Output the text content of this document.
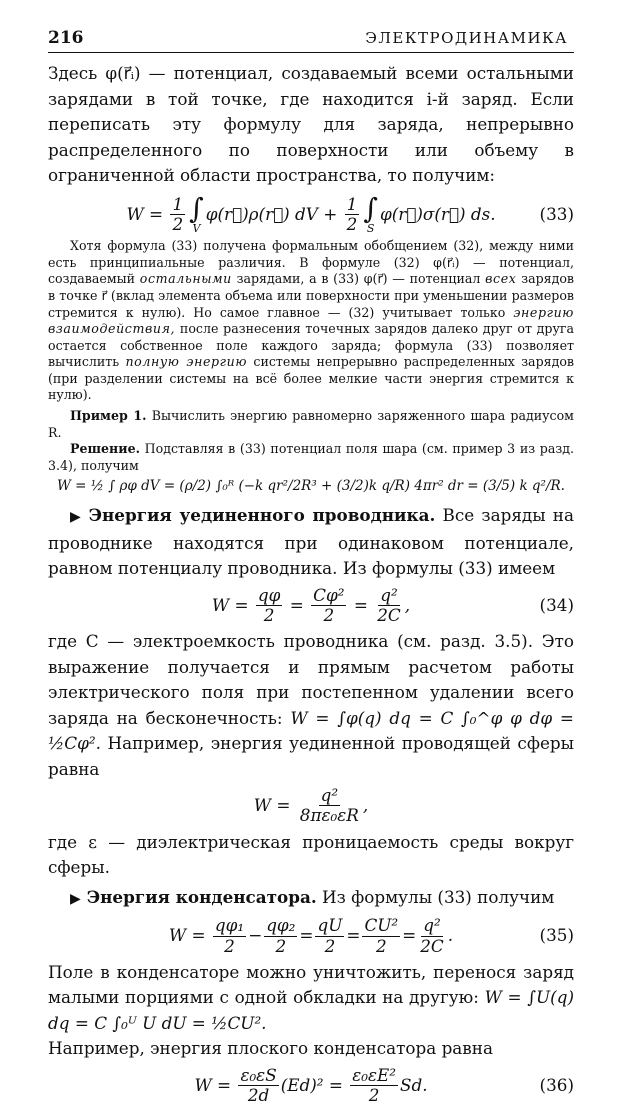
216	ЭЛЕКТРОДИНАМИКА

Здесь φ(r⃗ᵢ) — потенциал, создаваемый всеми остальными зарядами в той точке, где находится i-й заряд. Если переписать эту формулу для заряда, непрерывно распределенного по поверхности или объему в ограниченной области пространства, то получим:

W =
$\frac{1}{2}$ ∫
V
φ(r⃗)ρ(r⃗) dV +
$\frac{1}{2}$ ∫
S
φ(r⃗)σ(r⃗) ds.	(33)

Хотя формула (33) получена формальным обобщением (32), между ними есть принципиальные различия. В формуле (32) φ(r⃗ᵢ) — потенциал, создаваемый остальными зарядами, а в (33) φ(r⃗) — потенциал всех зарядов в точке r⃗ (вклад элемента объема или поверхности при уменьшении размеров стремится к нулю). Но самое главное — (32) учитывает только энергию взаимодействия, после разнесения точечных зарядов далеко друг от друга остается собственное поле каждого заряда; формула (33) позволяет вычислить полную энергию системы непрерывно распределенных зарядов (при разделении системы на всё более мелкие части энергия стремится к нулю).

Пример 1. Вычислить энергию равномерно заряженного шара радиусом R.

Решение. Подставляя в (33) потенциал поля шара (см. пример 3 из разд. 3.4), получим

W = ½ ∫ ρφ dV = (ρ/2) ∫₀ᴿ (−k qr²/2R³ + (3/2)k q/R) 4πr² dr = (3/5) k q²/R.

▶ Энергия уединенного проводника. Все заряды на проводнике находятся при одинаковом потенциале, равном потенциалу проводника. Из формулы (33) имеем

W =
$\frac{q\varphi}{2}$
=
$\frac{\text{Cφ²}}{2}$
=
$\frac{\text{q²}}{2C}$ ,	(34)

где C — электроемкость проводника (см. разд. 3.5). Это выражение получается и прямым расчетом работы электрического поля при постепенном удалении всего заряда на бесконечность: W = ∫φ(q) dq = C ∫₀^φ φ dφ = ½Cφ². Например, энергия уединенной проводящей сферы равна

W =
$\frac{\text{q²}}{\text{8πε₀εR}}$ ,

где ε — диэлектрическая проницаемость среды вокруг сферы.

▶ Энергия конденсатора. Из формулы (33) получим

W =
$\frac{\text{qφ₁}}{2} - \frac{\text{qφ₂}}{2} = \frac{qU}{2} = \frac{\text{CU²}}{2} = \frac{\text{q²}}{2C}$ .	(35)

Поле в конденсаторе можно уничтожить, перенося заряд малыми порциями с одной обкладки на другую: W = ∫U(q) dq = C ∫₀ᵁ U dU = ½CU².

Например, энергия плоского конденсатора равна

W =
$\frac{\text{ε₀εS}}{2d} (Ed)^2$ =
$\frac{\text{ε₀εE²}}{2} Sd$.	(36)
